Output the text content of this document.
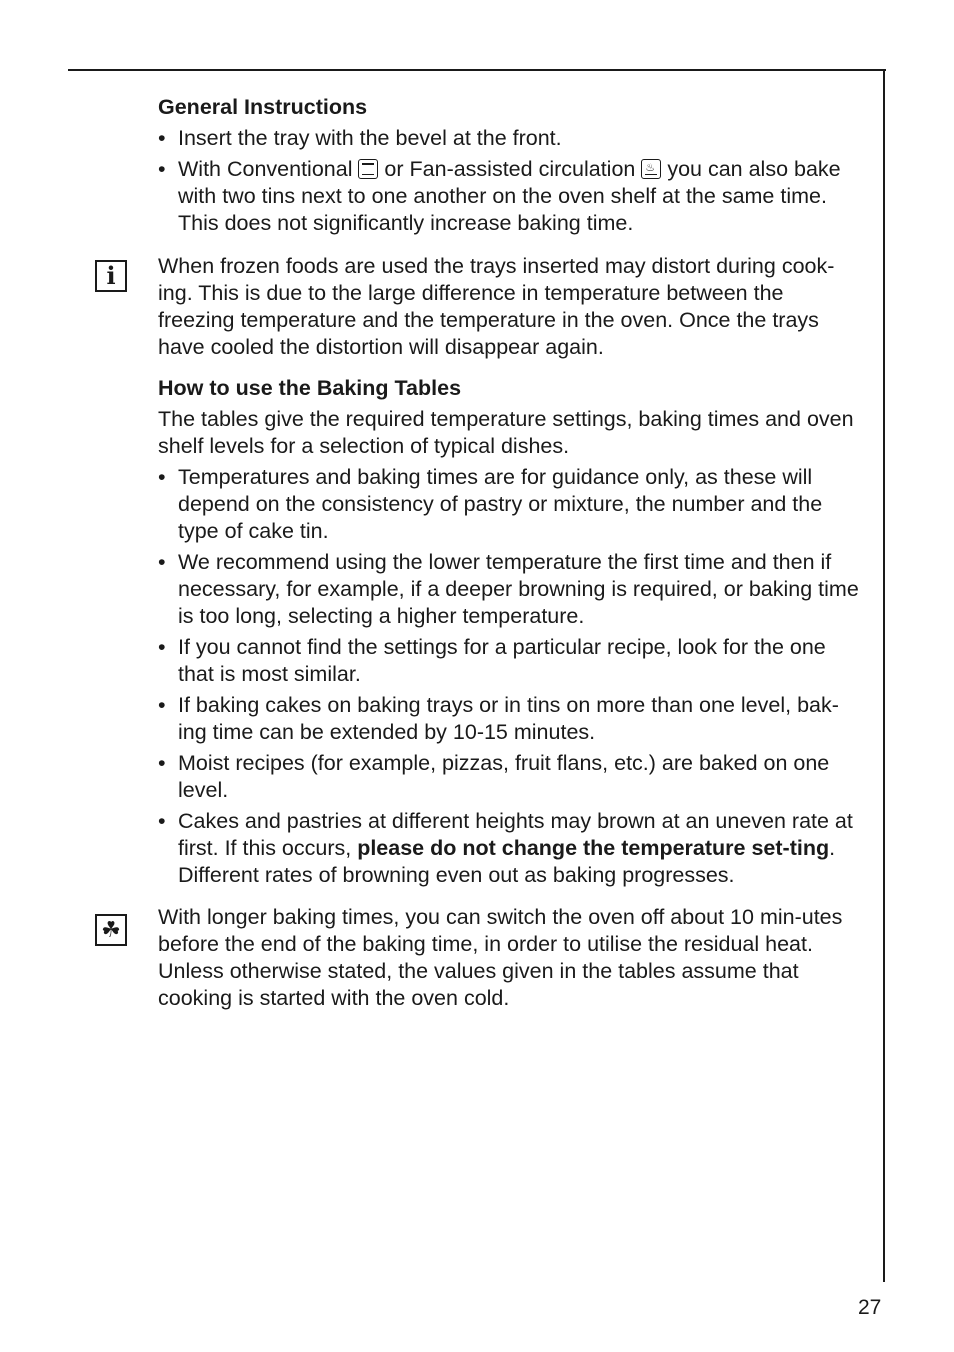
i
☘

General Instructions

• Insert the tray with the bevel at the front.
• With Conventional
or Fan-assisted circulation ♨ you can also bake with two tins next to one another on the oven shelf at the same time. This does not significantly increase baking time.

When frozen foods are used the trays inserted may distort during cook-ing. This is due to the large difference in temperature between the freezing temperature and the temperature in the oven. Once the trays have cooled the distortion will disappear again.

How to use the Baking Tables

The tables give the required temperature settings, baking times and oven shelf levels for a selection of typical dishes.

• Temperatures and baking times are for guidance only, as these will depend on the consistency of pastry or mixture, the number and the type of cake tin.
• We recommend using the lower temperature the first time and then if necessary, for example, if a deeper browning is required, or baking time is too long, selecting a higher temperature.
• If you cannot find the settings for a particular recipe, look for the one that is most similar.
• If baking cakes on baking trays or in tins on more than one level, bak-ing time can be extended by 10-15 minutes.
• Moist recipes (for example, pizzas, fruit flans, etc.) are baked on one level.
• Cakes and pastries at different heights may brown at an uneven rate at first. If this occurs, please do not change the temperature set-ting. Different rates of browning even out as baking progresses.

With longer baking times, you can switch the oven off about 10 min-utes before the end of the baking time, in order to utilise the residual heat.

Unless otherwise stated, the values given in the tables assume that cooking is started with the oven cold.

27
